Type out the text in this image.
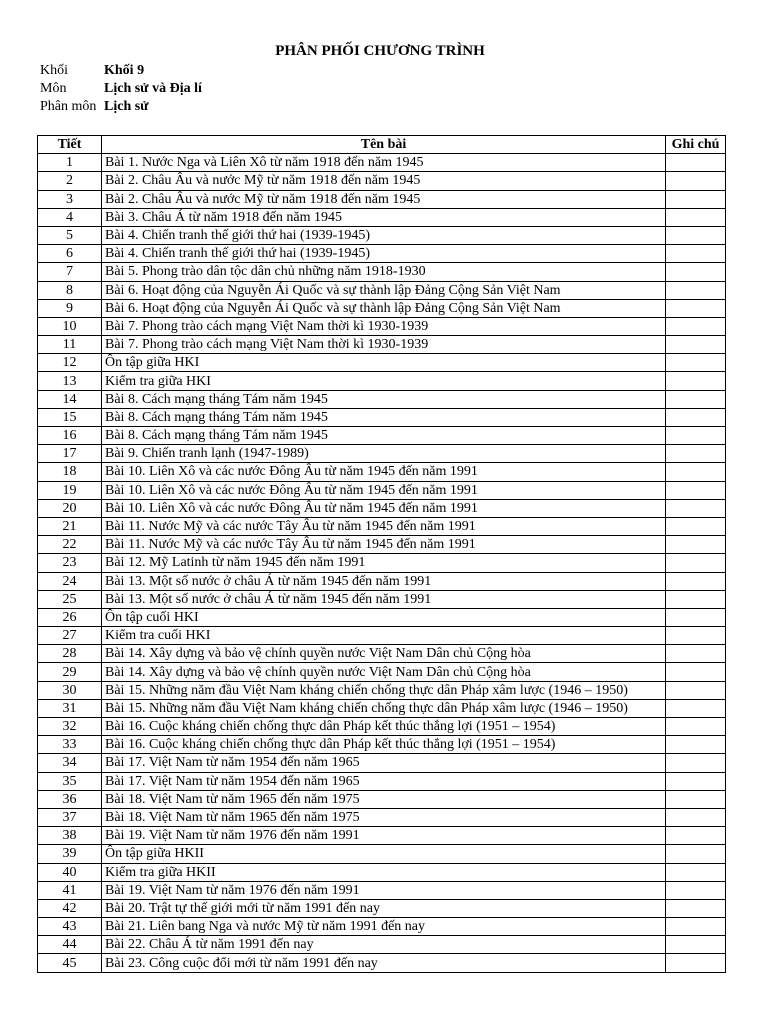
PHÂN PHỐI CHƯƠNG TRÌNH
Khối	Khối 9
Môn	Lịch sử và Địa lí
Phân môn Lịch sử
Tiết	Tên bài	Ghi chú
1	Bài 1. Nước Nga và Liên Xô từ năm 1918 đến năm 1945	
2	Bài 2. Châu Âu và nước Mỹ từ năm 1918 đến năm 1945	
3	Bài 2. Châu Âu và nước Mỹ từ năm 1918 đến năm 1945	
4	Bài 3. Châu Á từ năm 1918 đến năm 1945	
5	Bài 4. Chiến tranh thế giới thứ hai (1939-1945)	
6	Bài 4. Chiến tranh thế giới thứ hai (1939-1945)	
7	Bài 5. Phong trào dân tộc dân chủ những năm 1918-1930	
8	Bài 6. Hoạt động của Nguyễn Ái Quốc và sự thành lập Đảng Cộng Sản Việt Nam	
9	Bài 6. Hoạt động của Nguyễn Ái Quốc và sự thành lập Đảng Cộng Sản Việt Nam	
10	Bài 7. Phong trào cách mạng Việt Nam thời kì 1930-1939	
11	Bài 7. Phong trào cách mạng Việt Nam thời kì 1930-1939	
12	Ôn tập giữa HKI	
13	Kiểm tra giữa HKI	
14	Bài 8. Cách mạng tháng Tám năm 1945	
15	Bài 8. Cách mạng tháng Tám năm 1945	
16	Bài 8. Cách mạng tháng Tám năm 1945	
17	Bài 9. Chiến tranh lạnh (1947-1989)	
18	Bài 10. Liên Xô và các nước Đông Âu từ năm 1945 đến năm 1991	
19	Bài 10. Liên Xô và các nước Đông Âu từ năm 1945 đến năm 1991	
20	Bài 10. Liên Xô và các nước Đông Âu từ năm 1945 đến năm 1991	
21	Bài 11. Nước Mỹ và các nước Tây Âu từ năm 1945 đến năm 1991	
22	Bài 11. Nước Mỹ và các nước Tây Âu từ năm 1945 đến năm 1991	
23	Bài 12. Mỹ Latinh từ năm 1945 đến năm 1991	
24	Bài 13. Một số nước ở châu Á từ năm 1945 đến năm 1991	
25	Bài 13. Một số nước ở châu Á từ năm 1945 đến năm 1991	
26	Ôn tập cuối HKI	
27	Kiểm tra cuối HKI	
28	Bài 14. Xây dựng và bảo vệ chính quyền nước Việt Nam Dân chủ Cộng hòa	
29	Bài 14. Xây dựng và bảo vệ chính quyền nước Việt Nam Dân chủ Cộng hòa	
30	Bài 15. Những năm đầu Việt Nam kháng chiến chống thực dân Pháp xâm lược (1946 – 1950)	
31	Bài 15. Những năm đầu Việt Nam kháng chiến chống thực dân Pháp xâm lược (1946 – 1950)	
32	Bài 16. Cuộc kháng chiến chống thực dân Pháp kết thúc thắng lợi (1951 – 1954)	
33	Bài 16. Cuộc kháng chiến chống thực dân Pháp kết thúc thắng lợi (1951 – 1954)	
34	Bài 17. Việt Nam từ năm 1954 đến năm 1965	
35	Bài 17. Việt Nam từ năm 1954 đến năm 1965	
36	Bài 18. Việt Nam từ năm 1965 đến năm 1975	
37	Bài 18. Việt Nam từ năm 1965 đến năm 1975	
38	Bài 19. Việt Nam từ năm 1976 đến năm 1991	
39	Ôn tập giữa HKII	
40	Kiểm tra giữa HKII	
41	Bài 19. Việt Nam từ năm 1976 đến năm 1991	
42	Bài 20. Trật tự thế giới mới từ năm 1991 đến nay	
43	Bài 21. Liên bang Nga và nước Mỹ từ năm 1991 đến nay	
44	Bài 22. Châu Á từ năm 1991 đến nay	
45	Bài 23. Công cuộc đổi mới từ năm 1991 đến nay	
